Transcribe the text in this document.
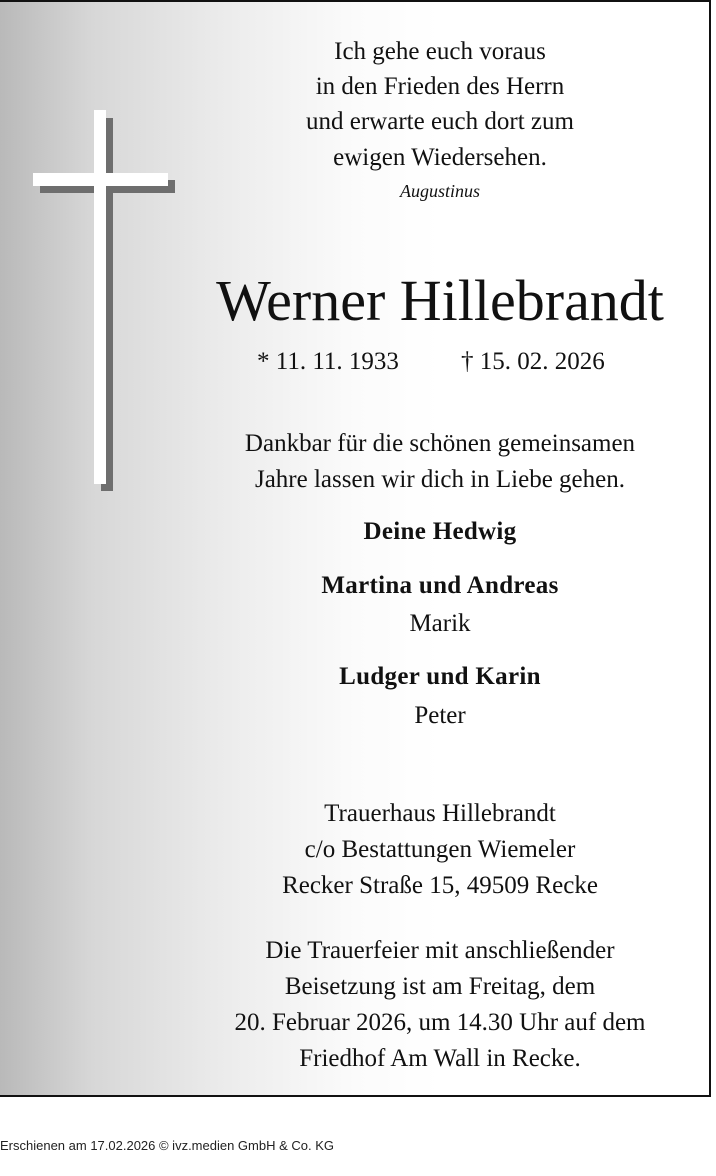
Ich gehe euch voraus
in den Frieden des Herrn
und erwarte euch dort zum
ewigen Wiedersehen.
Augustinus
Werner Hillebrandt
* 11. 11. 1933 † 15. 02. 2026
Dankbar für die schönen gemeinsamen
Jahre lassen wir dich in Liebe gehen.
Deine Hedwig
Martina und Andreas
Marik
Ludger und Karin
Peter
Trauerhaus Hillebrandt
c/o Bestattungen Wiemeler
Recker Straße 15, 49509 Recke
Die Trauerfeier mit anschließender
Beisetzung ist am Freitag, dem
20. Februar 2026, um 14.30 Uhr auf dem
Friedhof Am Wall in Recke.
Erschienen am 17.02.2026 © ivz.medien GmbH & Co. KG
